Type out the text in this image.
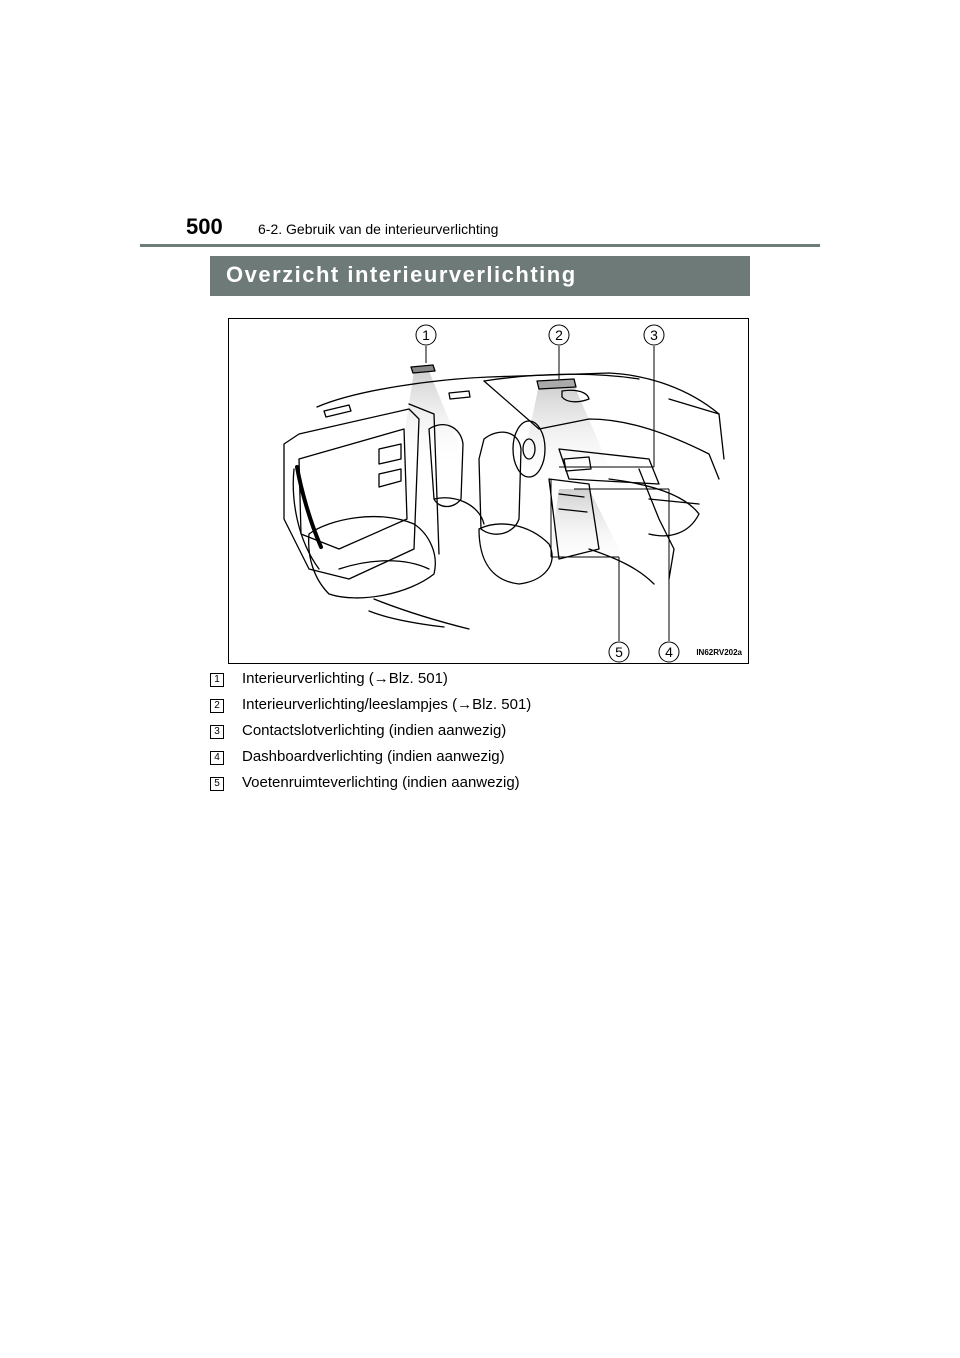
500	6-2. Gebruik van de interieurverlichting
Overzicht interieurverlichting
1	2	3
4
5	IN62RV202a
1 Interieurverlichting (→Blz. 501)
2 Interieurverlichting/leeslampjes (→Blz. 501)
3 Contactslotverlichting (indien aanwezig)
4 Dashboardverlichting (indien aanwezig)
5 Voetenruimteverlichting (indien aanwezig)
